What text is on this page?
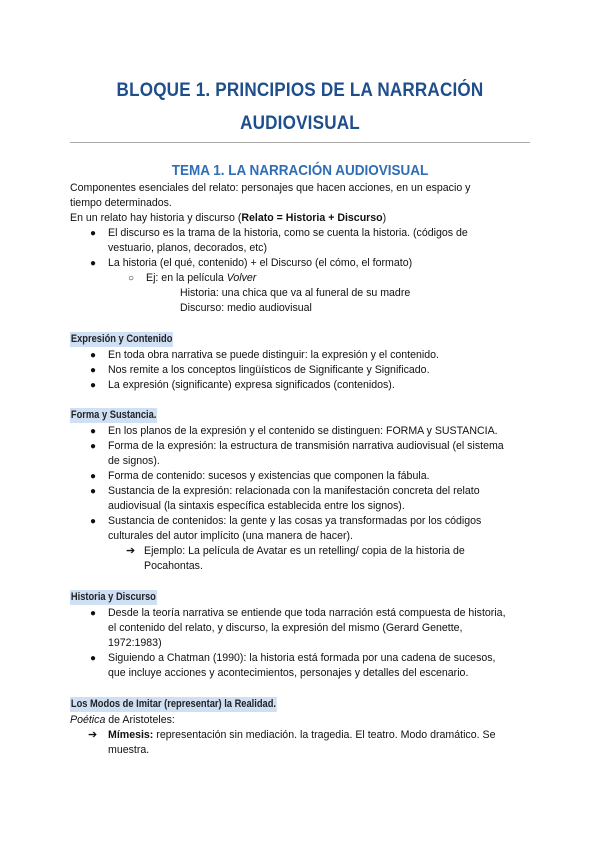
BLOQUE 1. PRINCIPIOS DE LA NARRACIÓN
AUDIOVISUAL
TEMA 1. LA NARRACIÓN AUDIOVISUAL
Componentes esenciales del relato: personajes que hacen acciones, en un espacio y
tiempo determinados.
En un relato hay historia y discurso (Relato = Historia + Discurso)
● El discurso es la trama de la historia, como se cuenta la historia. (códigos de
vestuario, planos, decorados, etc)
● La historia (el qué, contenido) + el Discurso (el cómo, el formato)
○ Ej: en la película Volver
Historia: una chica que va al funeral de su madre
Discurso: medio audiovisual
Expresión y Contenido
● En toda obra narrativa se puede distinguir: la expresión y el contenido.
● Nos remite a los conceptos lingüísticos de Significante y Significado.
● La expresión (significante) expresa significados (contenidos).
Forma y Sustancia.
● En los planos de la expresión y el contenido se distinguen: FORMA y SUSTANCIA.
● Forma de la expresión: la estructura de transmisión narrativa audiovisual (el sistema
de signos).
● Forma de contenido: sucesos y existencias que componen la fábula.
● Sustancia de la expresión: relacionada con la manifestación concreta del relato
audiovisual (la sintaxis específica establecida entre los signos).
● Sustancia de contenidos: la gente y las cosas ya transformadas por los códigos
culturales del autor implícito (una manera de hacer).
➔ Ejemplo: La película de Avatar es un retelling/ copia de la historia de
Pocahontas.
Historia y Discurso
● Desde la teoría narrativa se entiende que toda narración está compuesta de historia,
el contenido del relato, y discurso, la expresión del mismo (Gerard Genette,
1972:1983)
● Siguiendo a Chatman (1990): la historia está formada por una cadena de sucesos,
que incluye acciones y acontecimientos, personajes y detalles del escenario.
Los Modos de Imitar (representar) la Realidad.
Poética de Aristoteles:
➔ Mímesis: representación sin mediación. la tragedia. El teatro. Modo dramático. Se
muestra.
